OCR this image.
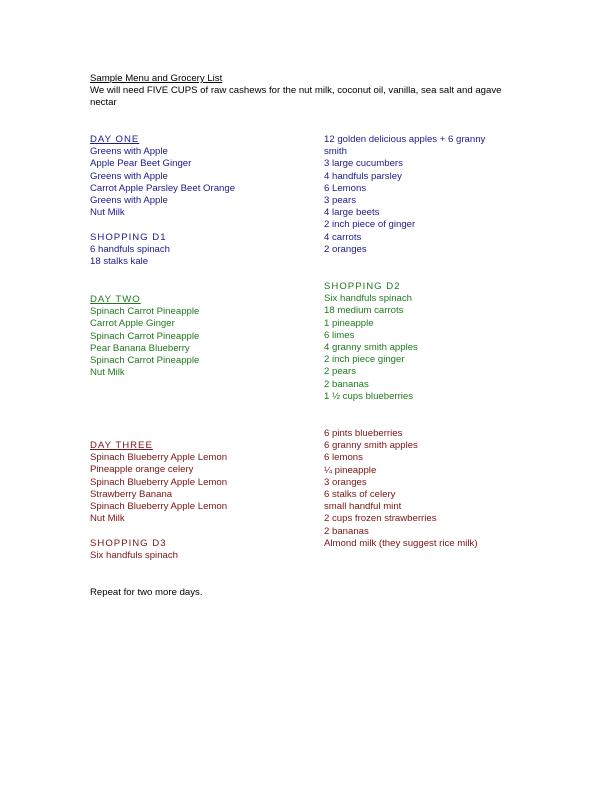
Sample Menu and Grocery List
We will need FIVE CUPS of raw cashews for the nut milk, coconut oil, vanilla, sea salt and agave nectar
DAY ONE
Greens with Apple
Apple Pear Beet Ginger
Greens with Apple
Carrot Apple Parsley Beet Orange
Greens with Apple
Nut Milk
SHOPPING D1
6 handfuls spinach
18 stalks kale
12 golden delicious apples + 6 granny
smith
3 large cucumbers
4 handfuls parsley
6 Lemons
3 pears
4 large beets
2 inch piece of ginger
4 carrots
2 oranges
DAY TWO
Spinach Carrot Pineapple
Carrot Apple Ginger
Spinach Carrot Pineapple
Pear Banana Blueberry
Spinach Carrot Pineapple
Nut Milk
SHOPPING D2
Six handfuls spinach
18 medium carrots
1 pineapple
6 limes
4 granny smith apples
2 inch piece ginger
2 pears
2 bananas
1 ½ cups blueberries
DAY THREE
Spinach Blueberry Apple Lemon
Pineapple orange celery
Spinach Blueberry Apple Lemon
Strawberry Banana
Spinach Blueberry Apple Lemon
Nut Milk
SHOPPING D3
Six handfuls spinach
6 pints blueberries
6 granny smith apples
6 lemons
¼ pineapple
3 oranges
6 stalks of celery
small handful mint
2 cups frozen strawberries
2 bananas
Almond milk (they suggest rice milk)
Repeat for two more days.
